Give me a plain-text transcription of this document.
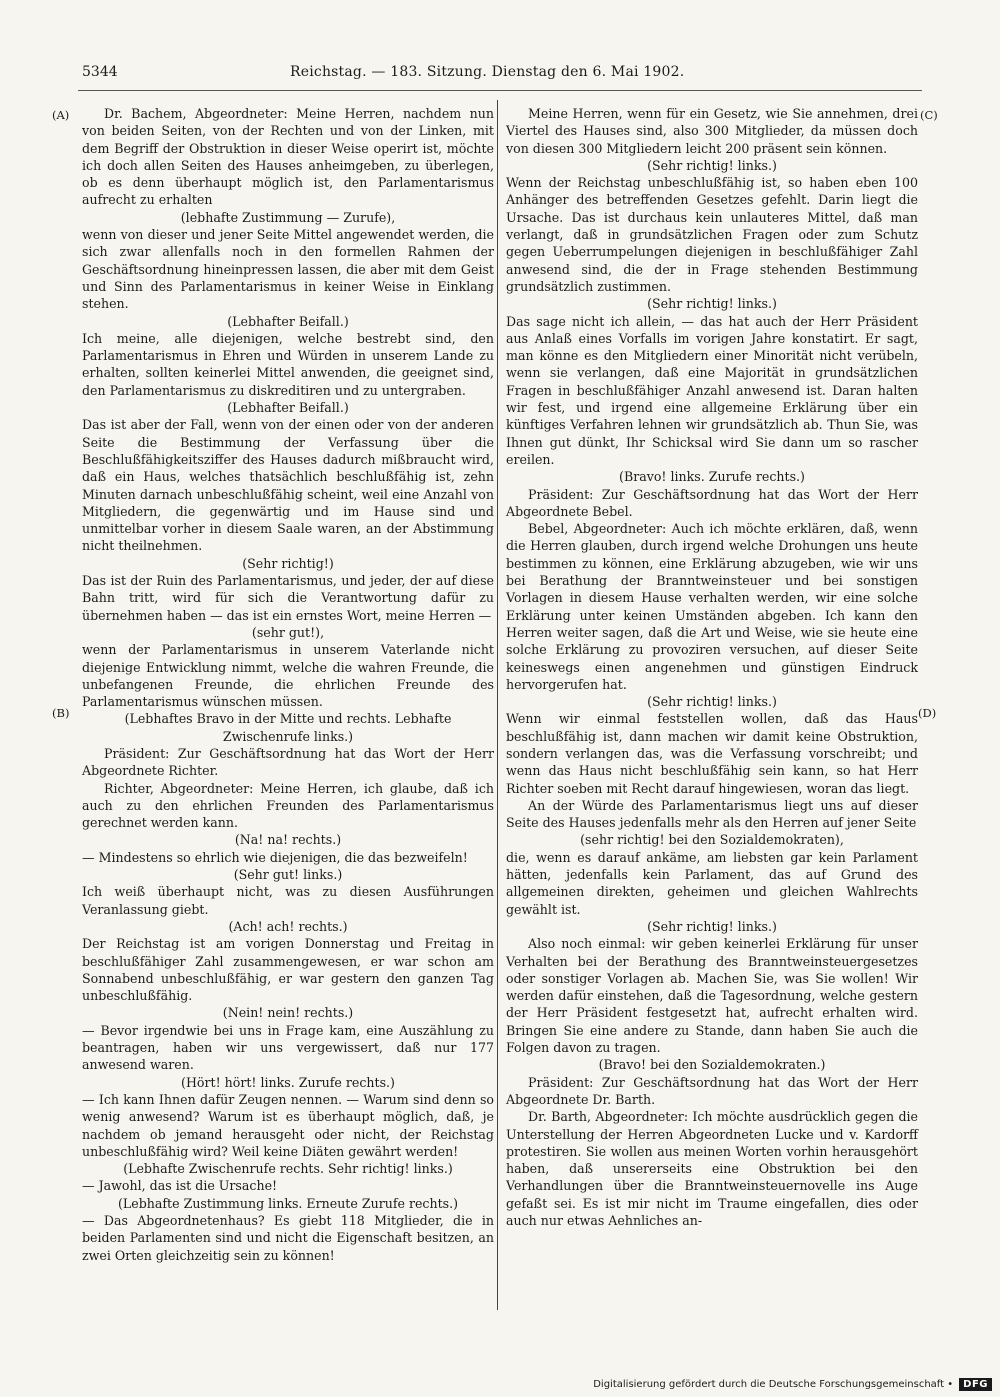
5344	Reichstag. — 183. Sitzung. Dienstag den 6. Mai 1902.
(A)
(B)
(C)
(D)

Dr. Bachem, Abgeordneter: Meine Herren, nachdem nun von beiden Seiten, von der Rechten und von der Linken, mit dem Begriff der Obstruktion in dieser Weise operirt ist, möchte ich doch allen Seiten des Hauses anheimgeben, zu überlegen, ob es denn überhaupt möglich ist, den Parlamentarismus aufrecht zu erhalten

(lebhafte Zustimmung — Zurufe),

wenn von dieser und jener Seite Mittel angewendet werden, die sich zwar allenfalls noch in den formellen Rahmen der Geschäftsordnung hineinpressen lassen, die aber mit dem Geist und Sinn des Parlamentarismus in keiner Weise in Einklang stehen.

(Lebhafter Beifall.)

Ich meine, alle diejenigen, welche bestrebt sind, den Parlamentarismus in Ehren und Würden in unserem Lande zu erhalten, sollten keinerlei Mittel anwenden, die geeignet sind, den Parlamentarismus zu diskreditiren und zu untergraben.

(Lebhafter Beifall.)

Das ist aber der Fall, wenn von der einen oder von der anderen Seite die Bestimmung der Verfassung über die Beschlußfähigkeitsziffer des Hauses dadurch mißbraucht wird, daß ein Haus, welches thatsächlich beschlußfähig ist, zehn Minuten darnach unbeschlußfähig scheint, weil eine Anzahl von Mitgliedern, die gegenwärtig und im Hause sind und unmittelbar vorher in diesem Saale waren, an der Abstimmung nicht theilnehmen.

(Sehr richtig!)

Das ist der Ruin des Parlamentarismus, und jeder, der auf diese Bahn tritt, wird für sich die Verantwortung dafür zu übernehmen haben — das ist ein ernstes Wort, meine Herren —

(sehr gut!),

wenn der Parlamentarismus in unserem Vaterlande nicht diejenige Entwicklung nimmt, welche die wahren Freunde, die unbefangenen Freunde, die ehrlichen Freunde des Parlamentarismus wünschen müssen.

(Lebhaftes Bravo in der Mitte und rechts. Lebhafte Zwischenrufe links.)

Präsident: Zur Geschäftsordnung hat das Wort der Herr Abgeordnete Richter.

Richter, Abgeordneter: Meine Herren, ich glaube, daß ich auch zu den ehrlichen Freunden des Parlamentarismus gerechnet werden kann.

(Na! na! rechts.)

— Mindestens so ehrlich wie diejenigen, die das bezweifeln!

(Sehr gut! links.)

Ich weiß überhaupt nicht, was zu diesen Ausführungen Veranlassung giebt.

(Ach! ach! rechts.)

Der Reichstag ist am vorigen Donnerstag und Freitag in beschlußfähiger Zahl zusammengewesen, er war schon am Sonnabend unbeschlußfähig, er war gestern den ganzen Tag unbeschlußfähig.

(Nein! nein! rechts.)

— Bevor irgendwie bei uns in Frage kam, eine Auszählung zu beantragen, haben wir uns vergewissert, daß nur 177 anwesend waren.

(Hört! hört! links. Zurufe rechts.)

— Ich kann Ihnen dafür Zeugen nennen. — Warum sind denn so wenig anwesend? Warum ist es überhaupt möglich, daß, je nachdem ob jemand herausgeht oder nicht, der Reichstag unbeschlußfähig wird? Weil keine Diäten gewährt werden!

(Lebhafte Zwischenrufe rechts. Sehr richtig! links.)

— Jawohl, das ist die Ursache!

(Lebhafte Zustimmung links. Erneute Zurufe rechts.)

— Das Abgeordnetenhaus? Es giebt 118 Mitglieder, die in beiden Parlamenten sind und nicht die Eigenschaft besitzen, an zwei Orten gleichzeitig sein zu können!

Meine Herren, wenn für ein Gesetz, wie Sie annehmen, drei Viertel des Hauses sind, also 300 Mitglieder, da müssen doch von diesen 300 Mitgliedern leicht 200 präsent sein können.

(Sehr richtig! links.)

Wenn der Reichstag unbeschlußfähig ist, so haben eben 100 Anhänger des betreffenden Gesetzes gefehlt. Darin liegt die Ursache. Das ist durchaus kein unlauteres Mittel, daß man verlangt, daß in grundsätzlichen Fragen oder zum Schutz gegen Ueberrumpelungen diejenigen in beschlußfähiger Zahl anwesend sind, die der in Frage stehenden Bestimmung grundsätzlich zustimmen.

(Sehr richtig! links.)

Das sage nicht ich allein, — das hat auch der Herr Präsident aus Anlaß eines Vorfalls im vorigen Jahre konstatirt. Er sagt, man könne es den Mitgliedern einer Minorität nicht verübeln, wenn sie verlangen, daß eine Majorität in grundsätzlichen Fragen in beschlußfähiger Anzahl anwesend ist. Daran halten wir fest, und irgend eine allgemeine Erklärung über ein künftiges Verfahren lehnen wir grundsätzlich ab. Thun Sie, was Ihnen gut dünkt, Ihr Schicksal wird Sie dann um so rascher ereilen.

(Bravo! links. Zurufe rechts.)

Präsident: Zur Geschäftsordnung hat das Wort der Herr Abgeordnete Bebel.

Bebel, Abgeordneter: Auch ich möchte erklären, daß, wenn die Herren glauben, durch irgend welche Drohungen uns heute bestimmen zu können, eine Erklärung abzugeben, wie wir uns bei Berathung der Branntweinsteuer und bei sonstigen Vorlagen in diesem Hause verhalten werden, wir eine solche Erklärung unter keinen Umständen abgeben. Ich kann den Herren weiter sagen, daß die Art und Weise, wie sie heute eine solche Erklärung zu provoziren versuchen, auf dieser Seite keineswegs einen angenehmen und günstigen Eindruck hervorgerufen hat.

(Sehr richtig! links.)

Wenn wir einmal feststellen wollen, daß das Haus beschlußfähig ist, dann machen wir damit keine Obstruktion, sondern verlangen das, was die Verfassung vorschreibt; und wenn das Haus nicht beschlußfähig sein kann, so hat Herr Richter soeben mit Recht darauf hingewiesen, woran das liegt.

An der Würde des Parlamentarismus liegt uns auf dieser Seite des Hauses jedenfalls mehr als den Herren auf jener Seite

(sehr richtig! bei den Sozialdemokraten),

die, wenn es darauf ankäme, am liebsten gar kein Parlament hätten, jedenfalls kein Parlament, das auf Grund des allgemeinen direkten, geheimen und gleichen Wahlrechts gewählt ist.

(Sehr richtig! links.)

Also noch einmal: wir geben keinerlei Erklärung für unser Verhalten bei der Berathung des Branntweinsteuergesetzes oder sonstiger Vorlagen ab. Machen Sie, was Sie wollen! Wir werden dafür einstehen, daß die Tagesordnung, welche gestern der Herr Präsident festgesetzt hat, aufrecht erhalten wird. Bringen Sie eine andere zu Stande, dann haben Sie auch die Folgen davon zu tragen.

(Bravo! bei den Sozialdemokraten.)

Präsident: Zur Geschäftsordnung hat das Wort der Herr Abgeordnete Dr. Barth.

Dr. Barth, Abgeordneter: Ich möchte ausdrücklich gegen die Unterstellung der Herren Abgeordneten Lucke und v. Kardorff protestiren. Sie wollen aus meinen Worten vorhin herausgehört haben, daß unsererseits eine Obstruktion bei den Verhandlungen über die Branntweinsteuernovelle ins Auge gefaßt sei. Es ist mir nicht im Traume eingefallen, dies oder auch nur etwas Aehnliches an-

Digitalisierung gefördert durch die Deutsche Forschungsgemeinschaft •	DFG
